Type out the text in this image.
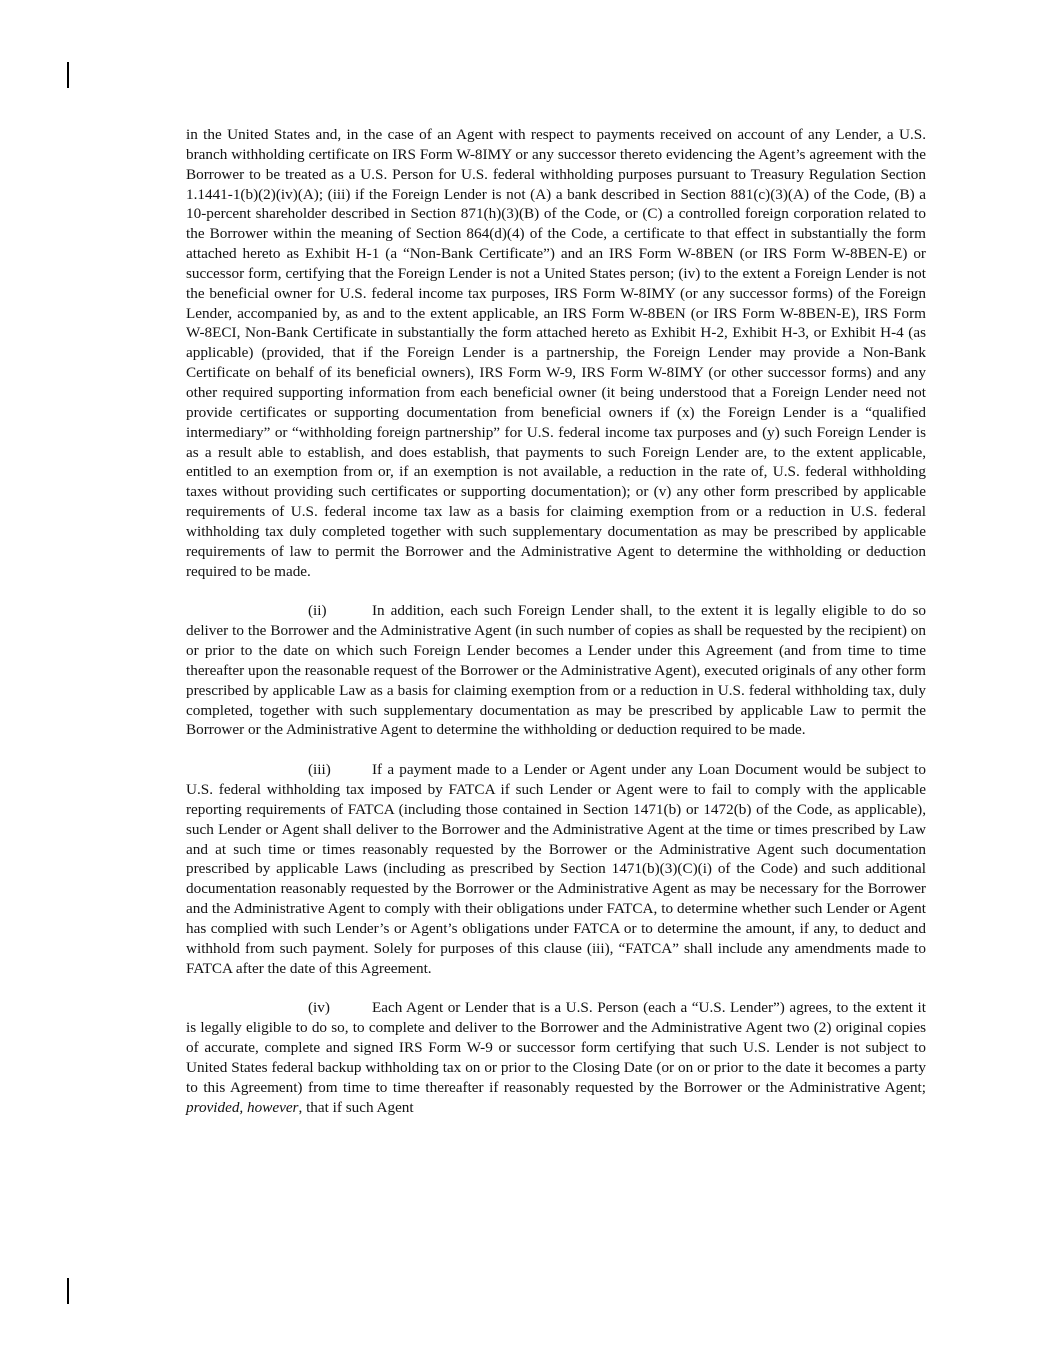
in the United States and, in the case of an Agent with respect to payments received on account of any Lender, a U.S. branch withholding certificate on IRS Form W-8IMY or any successor thereto evidencing the Agent’s agreement with the Borrower to be treated as a U.S. Person for U.S. federal withholding purposes pursuant to Treasury Regulation Section 1.1441-1(b)(2)(iv)(A); (iii) if the Foreign Lender is not (A) a bank described in Section 881(c)(3)(A) of the Code, (B) a 10-percent shareholder described in Section 871(h)(3)(B) of the Code, or (C) a controlled foreign corporation related to the Borrower within the meaning of Section 864(d)(4) of the Code, a certificate to that effect in substantially the form attached hereto as Exhibit H-1 (a “Non-Bank Certificate”) and an IRS Form W-8BEN (or IRS Form W-8BEN-E) or successor form, certifying that the Foreign Lender is not a United States person; (iv) to the extent a Foreign Lender is not the beneficial owner for U.S. federal income tax purposes, IRS Form W-8IMY (or any successor forms) of the Foreign Lender, accompanied by, as and to the extent applicable, an IRS Form W-8BEN (or IRS Form W-8BEN-E), IRS Form W-8ECI, Non-Bank Certificate in substantially the form attached hereto as Exhibit H-2, Exhibit H-3, or Exhibit H-4 (as applicable) (provided, that if the Foreign Lender is a partnership, the Foreign Lender may provide a Non-Bank Certificate on behalf of its beneficial owners), IRS Form W-9, IRS Form W-8IMY (or other successor forms) and any other required supporting information from each beneficial owner (it being understood that a Foreign Lender need not provide certificates or supporting documentation from beneficial owners if (x) the Foreign Lender is a “qualified intermediary” or “withholding foreign partnership” for U.S. federal income tax purposes and (y) such Foreign Lender is as a result able to establish, and does establish, that payments to such Foreign Lender are, to the extent applicable, entitled to an exemption from or, if an exemption is not available, a reduction in the rate of, U.S. federal withholding taxes without providing such certificates or supporting documentation); or (v) any other form prescribed by applicable requirements of U.S. federal income tax law as a basis for claiming exemption from or a reduction in U.S. federal withholding tax duly completed together with such supplementary documentation as may be prescribed by applicable requirements of law to permit the Borrower and the Administrative Agent to determine the withholding or deduction required to be made.

(ii)	In addition, each such Foreign Lender shall, to the extent it is legally eligible to do so deliver to the Borrower and the Administrative Agent (in such number of copies as shall be requested by the recipient) on or prior to the date on which such Foreign Lender becomes a Lender under this Agreement (and from time to time thereafter upon the reasonable request of the Borrower or the Administrative Agent), executed originals of any other form prescribed by applicable Law as a basis for claiming exemption from or a reduction in U.S. federal withholding tax, duly completed, together with such supplementary documentation as may be prescribed by applicable Law to permit the Borrower or the Administrative Agent to determine the withholding or deduction required to be made.

(iii)	If a payment made to a Lender or Agent under any Loan Document would be subject to U.S. federal withholding tax imposed by FATCA if such Lender or Agent were to fail to comply with the applicable reporting requirements of FATCA (including those contained in Section 1471(b) or 1472(b) of the Code, as applicable), such Lender or Agent shall deliver to the Borrower and the Administrative Agent at the time or times prescribed by Law and at such time or times reasonably requested by the Borrower or the Administrative Agent such documentation prescribed by applicable Laws (including as prescribed by Section 1471(b)(3)(C)(i) of the Code) and such additional documentation reasonably requested by the Borrower or the Administrative Agent as may be necessary for the Borrower and the Administrative Agent to comply with their obligations under FATCA, to determine whether such Lender or Agent has complied with such Lender’s or Agent’s obligations under FATCA or to determine the amount, if any, to deduct and withhold from such payment. Solely for purposes of this clause (iii), “FATCA” shall include any amendments made to FATCA after the date of this Agreement.

(iv)	Each Agent or Lender that is a U.S. Person (each a “U.S. Lender”) agrees, to the extent it is legally eligible to do so, to complete and deliver to the Borrower and the Administrative Agent two (2) original copies of accurate, complete and signed IRS Form W-9 or successor form certifying that such U.S. Lender is not subject to United States federal backup withholding tax on or prior to the Closing Date (or on or prior to the date it becomes a party to this Agreement) from time to time thereafter if reasonably requested by the Borrower or the Administrative Agent; provided, however, that if such Agent
